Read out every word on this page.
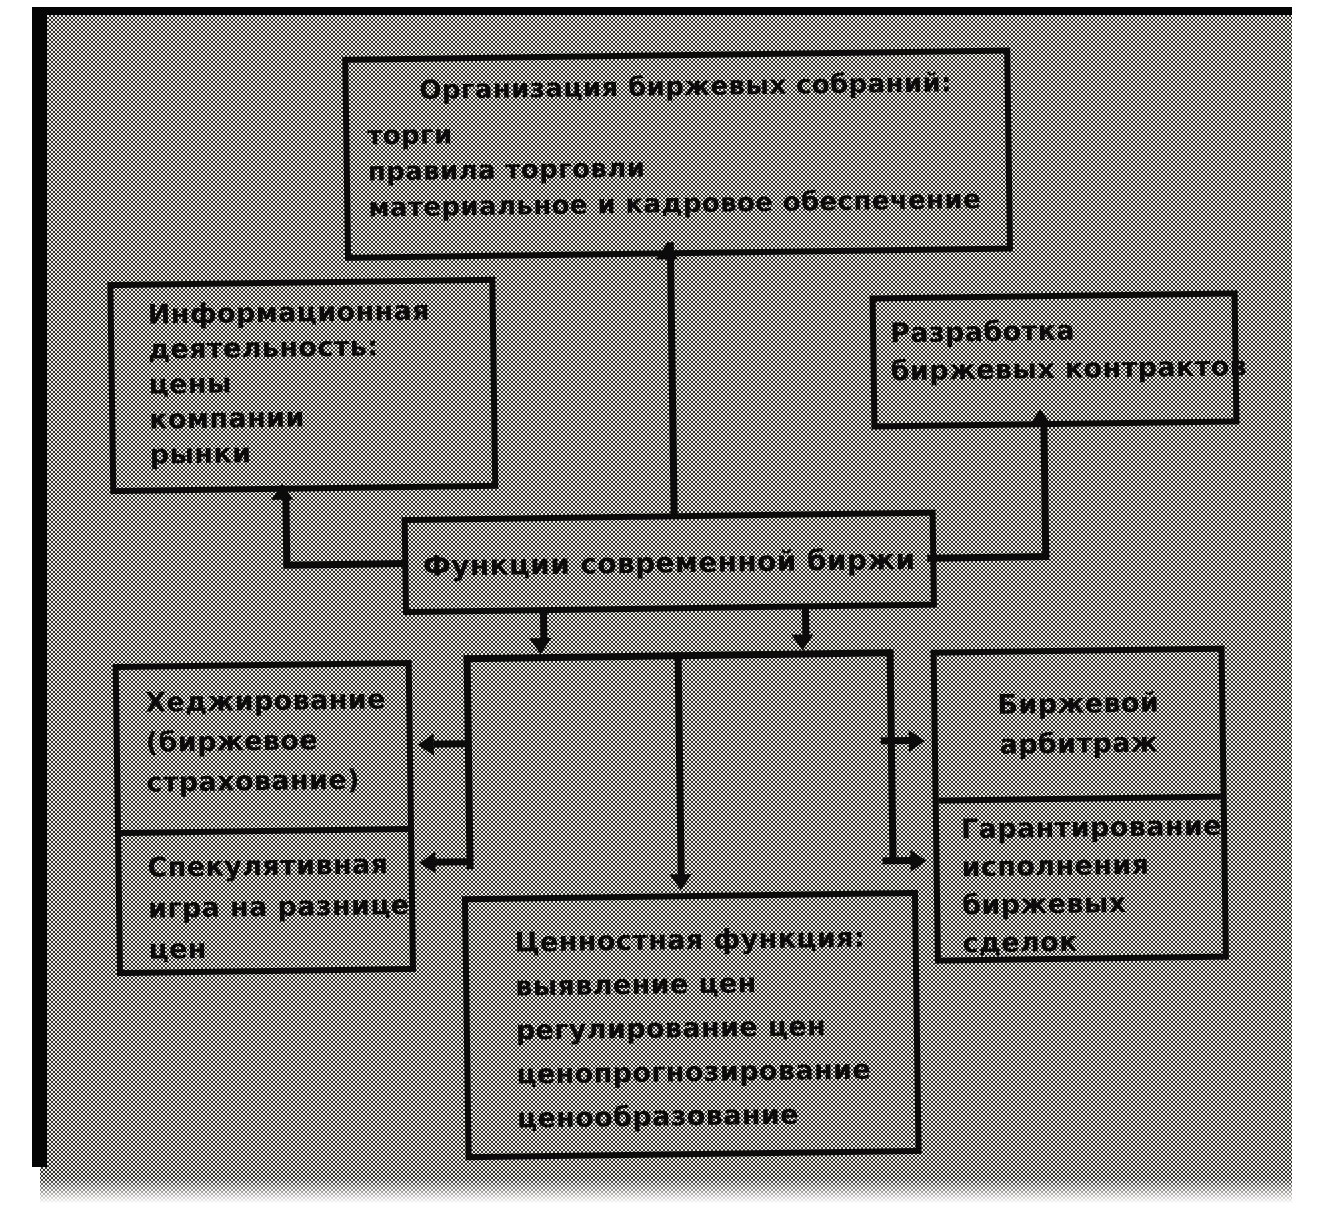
Организация биржевых собраний:
торги
правила торговли
материальное и кадровое обеспечение
Информационная
деятельность:
цены
компании
рынки
Разработка
биржевых контрактов
Функции современной биржи
Хеджирование
(биржевое
страхование)
Спекулятивная
игра на разнице
цен
Биржевой
арбитраж
Гарантирование
исполнения
биржевых
сделок
Ценностная функция:
выявление цен
регулирование цен
ценопрогнозирование
ценообразование
